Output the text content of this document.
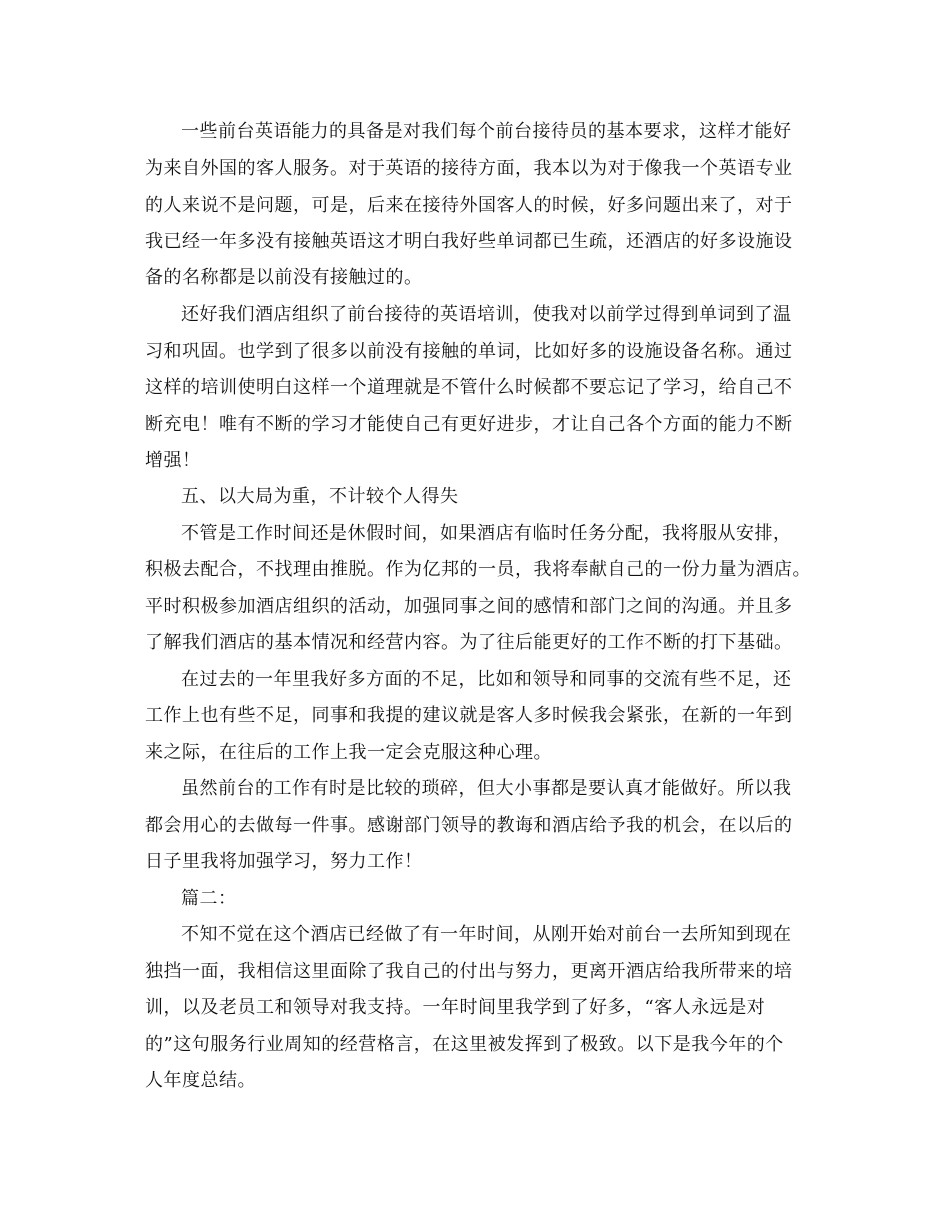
一些前台英语能力的具备是对我们每个前台接待员的基本要求，这样才能好
为来自外国的客人服务。对于英语的接待方面，我本以为对于像我一个英语专业
的人来说不是问题，可是，后来在接待外国客人的时候，好多问题出来了，对于
我已经一年多没有接触英语这才明白我好些单词都已生疏，还酒店的好多设施设
备的名称都是以前没有接触过的。
还好我们酒店组织了前台接待的英语培训，使我对以前学过得到单词到了温
习和巩固。也学到了很多以前没有接触的单词，比如好多的设施设备名称。通过
这样的培训使明白这样一个道理就是不管什么时候都不要忘记了学习，给自己不
断充电！唯有不断的学习才能使自己有更好进步，才让自己各个方面的能力不断
增强！
五、以大局为重，不计较个人得失
不管是工作时间还是休假时间，如果酒店有临时任务分配，我将服从安排，
积极去配合，不找理由推脱。作为亿邦的一员，我将奉献自己的一份力量为酒店。
平时积极参加酒店组织的活动，加强同事之间的感情和部门之间的沟通。并且多
了解我们酒店的基本情况和经营内容。为了往后能更好的工作不断的打下基础。
在过去的一年里我好多方面的不足，比如和领导和同事的交流有些不足，还
工作上也有些不足，同事和我提的建议就是客人多时候我会紧张，在新的一年到
来之际，在往后的工作上我一定会克服这种心理。
虽然前台的工作有时是比较的琐碎，但大小事都是要认真才能做好。所以我
都会用心的去做每一件事。感谢部门领导的教诲和酒店给予我的机会，在以后的
日子里我将加强学习，努力工作！
篇二：
不知不觉在这个酒店已经做了有一年时间，从刚开始对前台一去所知到现在
独挡一面，我相信这里面除了我自己的付出与努力，更离开酒店给我所带来的培
训，以及老员工和领导对我支持。一年时间里我学到了好多，“客人永远是对
的”这句服务行业周知的经营格言，在这里被发挥到了极致。以下是我今年的个
人年度总结。
